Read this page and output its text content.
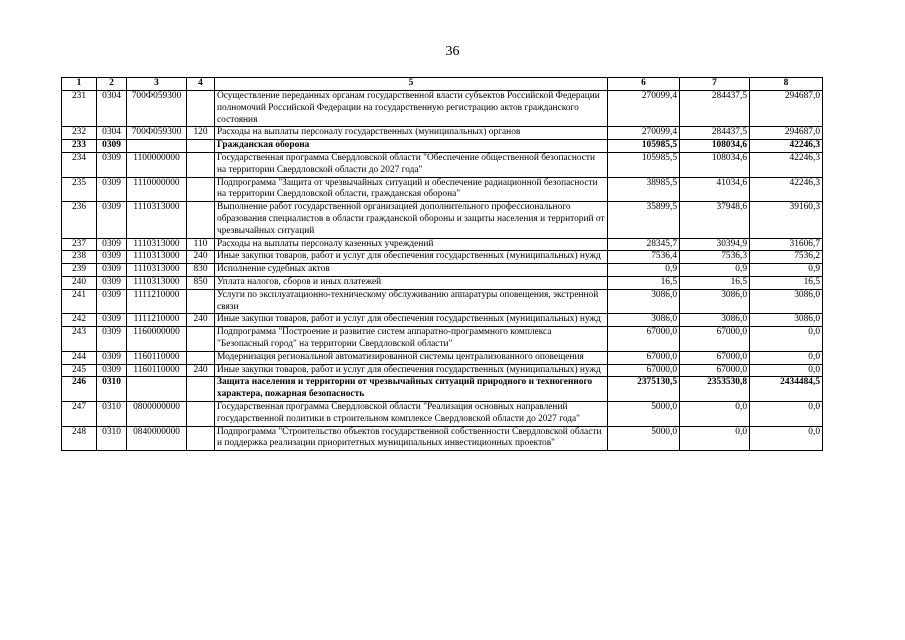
36
1	2	3	4	5	6	7	8
231	0304	700Ф059300		Осуществление переданных органам государственной власти субъектов Российской Федерации полномочий Российской Федерации на государственную регистрацию актов гражданского состояния	270099,4	284437,5	294687,0
232	0304	700Ф059300	120	Расходы на выплаты персоналу государственных (муниципальных) органов	270099,4	284437,5	294687,0
233	0309			Гражданская оборона	105985,5	108034,6	42246,3
234	0309	1100000000		Государственная программа Свердловской области "Обеспечение общественной безопасности на территории Свердловской области до 2027 года"	105985,5	108034,6	42246,3
235	0309	1110000000		Подпрограмма "Защита от чрезвычайных ситуаций и обеспечение радиационной безопасности на территории Свердловской области, гражданская оборона"	38985,5	41034,6	42246,3
236	0309	1110313000		Выполнение работ государственной организацией дополнительного профессионального образования специалистов в области гражданской обороны и защиты населения и территорий от чрезвычайных ситуаций	35899,5	37948,6	39160,3
237	0309	1110313000	110	Расходы на выплаты персоналу казенных учреждений	28345,7	30394,9	31606,7
238	0309	1110313000	240	Иные закупки товаров, работ и услуг для обеспечения государственных (муниципальных) нужд	7536,4	7536,3	7536,2
239	0309	1110313000	830	Исполнение судебных актов	0,9	0,9	0,9
240	0309	1110313000	850	Уплата налогов, сборов и иных платежей	16,5	16,5	16,5
241	0309	1111210000		Услуги по эксплуатационно-техническому обслуживанию аппаратуры оповещения, экстренной связи	3086,0	3086,0	3086,0
242	0309	1111210000	240	Иные закупки товаров, работ и услуг для обеспечения государственных (муниципальных) нужд	3086,0	3086,0	3086,0
243	0309	1160000000		Подпрограмма "Построение и развитие систем аппаратно-программного комплекса "Безопасный город" на территории Свердловской области"	67000,0	67000,0	0,0
244	0309	1160110000		Модернизация региональной автоматизированной системы централизованного оповещения	67000,0	67000,0	0,0
245	0309	1160110000	240	Иные закупки товаров, работ и услуг для обеспечения государственных (муниципальных) нужд	67000,0	67000,0	0,0
246	0310			Защита населения и территории от чрезвычайных ситуаций природного и техногенного характера, пожарная безопасность	2375130,5	2353530,8	2434484,5
247	0310	0800000000		Государственная программа Свердловской области "Реализация основных направлений государственной политики в строительном комплексе Свердловской области до 2027 года"	5000,0	0,0	0,0
248	0310	0840000000		Подпрограмма "Строительство объектов государственной собственности Свердловской области и поддержка реализации приоритетных муниципальных инвестиционных проектов"	5000,0	0,0	0,0
